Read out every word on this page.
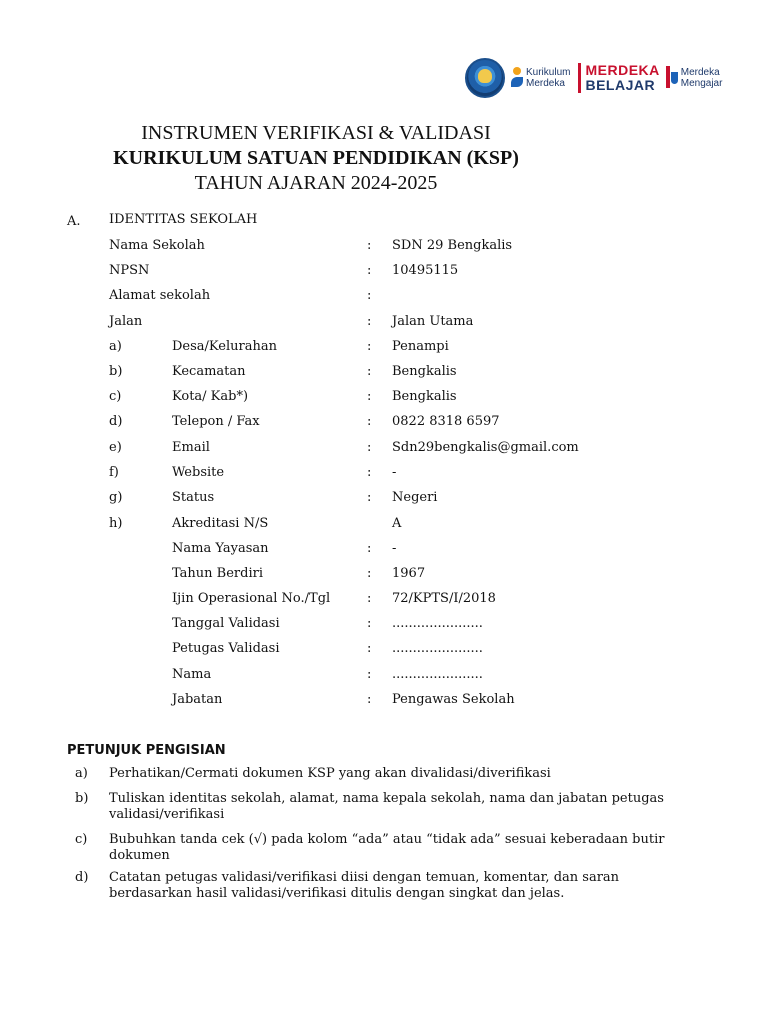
Kurikulum
Merdeka
MERDEKA
BELAJAR
Merdeka
Mengajar
INSTRUMEN VERIFIKASI & VALIDASI
KURIKULUM SATUAN PENDIDIKAN (KSP)
TAHUN AJARAN 2024-2025
A. IDENTITAS SEKOLAH
Nama Sekolah	: SDN 29 Bengkalis
NPSN	: 10495115
Alamat sekolah	:
Jalan	: Jalan Utama
a)	Desa/Kelurahan	: Penampi
b)	Kecamatan	: Bengkalis
c)	Kota/ Kab*)	: Bengkalis
d)	Telepon / Fax	: 0822 8318 6597
e)	Email	: Sdn29bengkalis@gmail.com
f)	Website	: -
g)	Status	: Negeri
h)	Akreditasi N/S	A
Nama Yayasan	: -
Tahun Berdiri	: 1967
Ijin Operasional No./Tgl	: 72/KPTS/I/2018
Tanggal Validasi	: ......................
Petugas Validasi	: ......................
Nama	: ......................
Jabatan	: Pengawas Sekolah
PETUNJUK PENGISIAN
a) Perhatikan/Cermati dokumen KSP yang akan divalidasi/diverifikasi
b) Tuliskan identitas sekolah, alamat, nama kepala sekolah, nama dan jabatan petugas validasi/verifikasi
c) Bubuhkan tanda cek (√) pada kolom “ada” atau “tidak ada” sesuai keberadaan butir dokumen
d) Catatan petugas validasi/verifikasi diisi dengan temuan, komentar, dan saran berdasarkan hasil validasi/verifikasi ditulis dengan singkat dan jelas.
